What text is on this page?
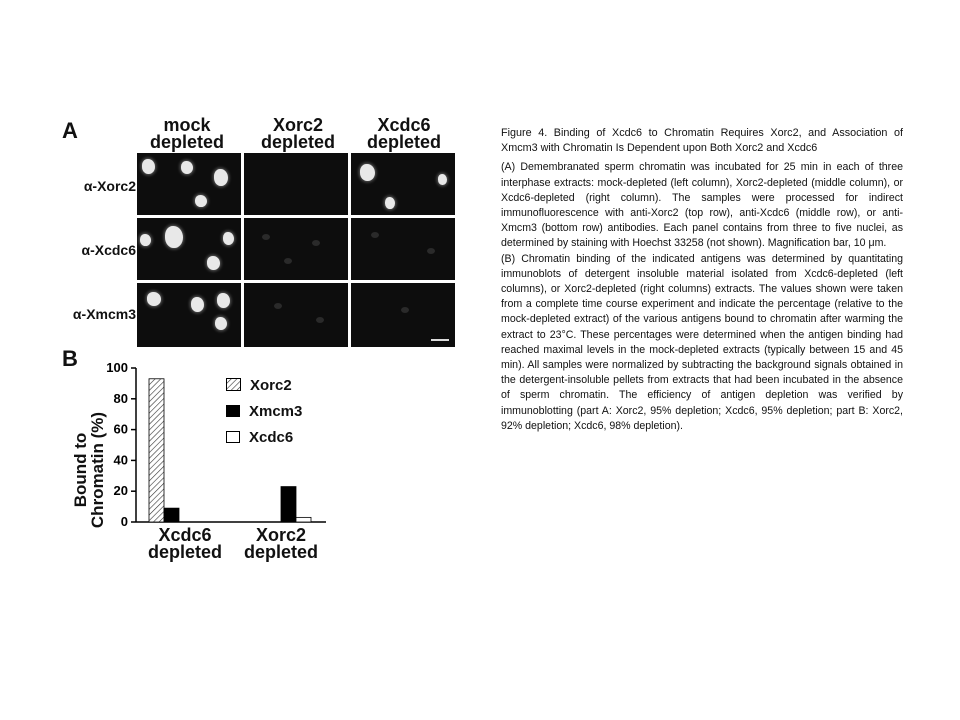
A	mock
depleted
Xorc2
depleted
Xcdc6
depleted
α-Xorc2
α-Xcdc6
α-Xmcm3
B
Bound to
Chromatin (%) 0
20
40
60
80
100
Xorc2
Xmcm3
Xcdc6
Xcdc6
depleted
Xorc2
depleted

Figure 4. Binding of Xcdc6 to Chromatin Requires Xorc2, and Association of Xmcm3 with Chromatin Is Dependent upon Both Xorc2 and Xcdc6

(A) Demembranated sperm chromatin was incubated for 25 min in each of three interphase extracts: mock-depleted (left column), Xorc2-depleted (middle column), or Xcdc6-depleted (right column). The samples were processed for indirect immunofluorescence with anti-Xorc2 (top row), anti-Xcdc6 (middle row), or anti-Xmcm3 (bottom row) antibodies. Each panel contains from three to five nuclei, as determined by staining with Hoechst 33258 (not shown). Magnification bar, 10 μm.

(B) Chromatin binding of the indicated antigens was determined by quantitating immunoblots of detergent insoluble material isolated from Xcdc6-depleted (left columns), or Xorc2-depleted (right columns) extracts. The values shown were taken from a complete time course experiment and indicate the percentage (relative to the mock-depleted extract) of the various antigens bound to chromatin after warming the extract to 23°C. These percentages were determined when the antigen binding had reached maximal levels in the mock-depleted extracts (typically between 15 and 45 min). All samples were normalized by subtracting the background signals obtained in the detergent-insoluble pellets from extracts that had been incubated in the absence of sperm chromatin. The efficiency of antigen depletion was verified by immunoblotting (part A: Xorc2, 95% depletion; Xcdc6, 95% depletion; part B: Xorc2, 92% depletion; Xcdc6, 98% depletion).
